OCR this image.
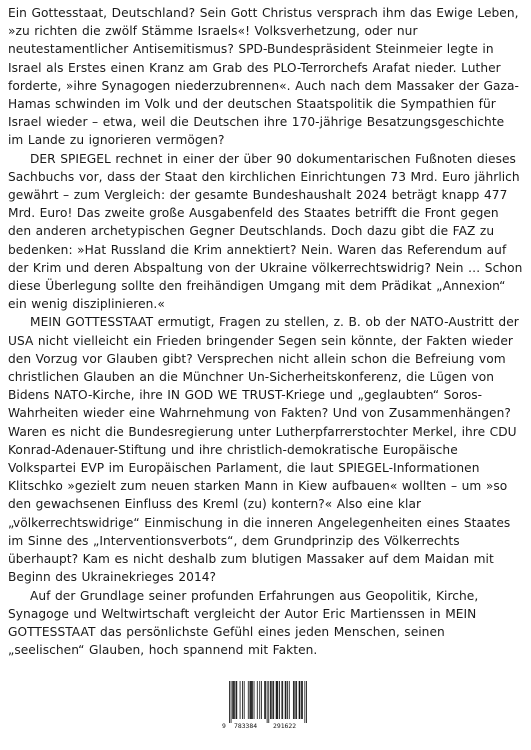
Ein Gottesstaat, Deutschland? Sein Gott Christus versprach ihm das Ewige Leben, »zu richten die zwölf Stämme Israels«! Volksverhetzung, oder nur neutestamentlicher Antisemitismus? SPD-Bundespräsident Steinmeier legte in Israel als Erstes einen Kranz am Grab des PLO-Terrorchefs Arafat nieder. Luther forderte, »ihre Synagogen niederzubrennen«. Auch nach dem Massaker der Gaza-Hamas schwinden im Volk und der deutschen Staatspolitik die Sympathien für Israel wieder – etwa, weil die Deutschen ihre 170-jährige Besatzungsgeschichte im Lande zu ignorieren vermögen?

DER SPIEGEL rechnet in einer der über 90 dokumentarischen Fußnoten dieses Sachbuchs vor, dass der Staat den kirchlichen Einrichtungen 73 Mrd. Euro jährlich gewährt – zum Vergleich: der gesamte Bundeshaushalt 2024 beträgt knapp 477 Mrd. Euro! Das zweite große Ausgabenfeld des Staates betrifft die Front gegen den anderen archetypischen Gegner Deutschlands. Doch dazu gibt die FAZ zu bedenken: »Hat Russland die Krim annektiert? Nein. Waren das Referendum auf der Krim und deren Abspaltung von der Ukraine völkerrechtswidrig? Nein … Schon diese Überlegung sollte den freihändigen Umgang mit dem Prädikat „Annexion“ ein wenig disziplinieren.«

MEIN GOTTESSTAAT ermutigt, Fragen zu stellen, z. B. ob der NATO-Austritt der USA nicht vielleicht ein Frieden bringender Segen sein könnte, der Fakten wieder den Vorzug vor Glauben gibt? Versprechen nicht allein schon die Befreiung vom christlichen Glauben an die Münchner Un-Sicherheitskonferenz, die Lügen von Bidens NATO-Kirche, ihre IN GOD WE TRUST-Kriege und „geglaubten“ Soros-Wahrheiten wieder eine Wahrnehmung von Fakten? Und von Zusammenhängen? Waren es nicht die Bundesregierung unter Lutherpfarrerstochter Merkel, ihre CDU Konrad-Adenauer-Stiftung und ihre christlich-demokratische Europäische Volkspartei EVP im Europäischen Parlament, die laut SPIEGEL-Informationen Klitschko »gezielt zum neuen starken Mann in Kiew aufbauen« wollten – um »so den gewachsenen Einfluss des Kreml (zu) kontern?« Also eine klar „völkerrechtswidrige“ Einmischung in die inneren Angelegenheiten eines Staates im Sinne des „Interventionsverbots“, dem Grundprinzip des Völkerrechts überhaupt? Kam es nicht deshalb zum blutigen Massaker auf dem Maidan mit Beginn des Ukrainekrieges 2014?

Auf der Grundlage seiner profunden Erfahrungen aus Geopolitik, Kirche, Synagoge und Weltwirtschaft vergleicht der Autor Eric Martienssen in MEIN GOTTESSTAAT das persönlichste Gefühl eines jeden Menschen, seinen „seelischen“ Glauben, hoch spannend mit Fakten.

9 783384 291622
